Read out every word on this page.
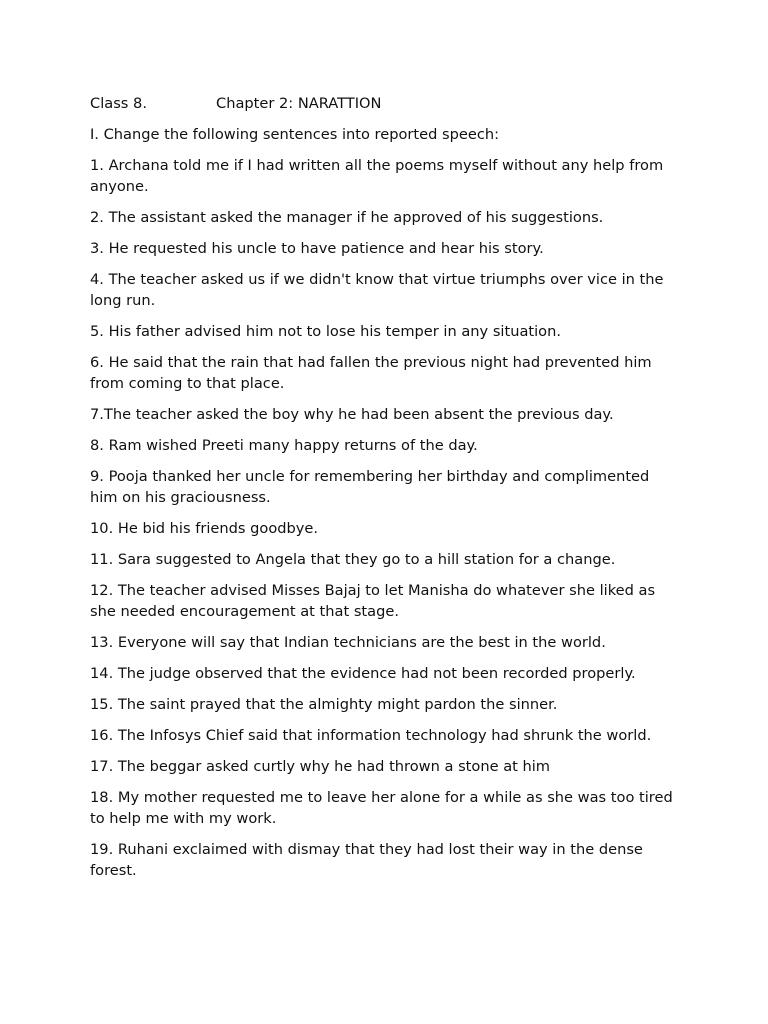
Class 8.	Chapter 2: NARATTION

I. Change the following sentences into reported speech:

1. Archana told me if I had written all the poems myself without any help from anyone.

2. The assistant asked the manager if he approved of his suggestions.

3. He requested his uncle to have patience and hear his story.

4. The teacher asked us if we didn't know that virtue triumphs over vice in the long run.

5. His father advised him not to lose his temper in any situation.

6. He said that the rain that had fallen the previous night had prevented him from coming to that place.

7.The teacher asked the boy why he had been absent the previous day.

8. Ram wished Preeti many happy returns of the day.

9. Pooja thanked her uncle for remembering her birthday and complimented him on his graciousness.

10. He bid his friends goodbye.

11. Sara suggested to Angela that they go to a hill station for a change.

12. The teacher advised Misses Bajaj to let Manisha do whatever she liked as she needed encouragement at that stage.

13. Everyone will say that Indian technicians are the best in the world.

14. The judge observed that the evidence had not been recorded properly.

15. The saint prayed that the almighty might pardon the sinner.

16. The Infosys Chief said that information technology had shrunk the world.

17. The beggar asked curtly why he had thrown a stone at him

18. My mother requested me to leave her alone for a while as she was too tired to help me with my work.

19. Ruhani exclaimed with dismay that they had lost their way in the dense forest.
